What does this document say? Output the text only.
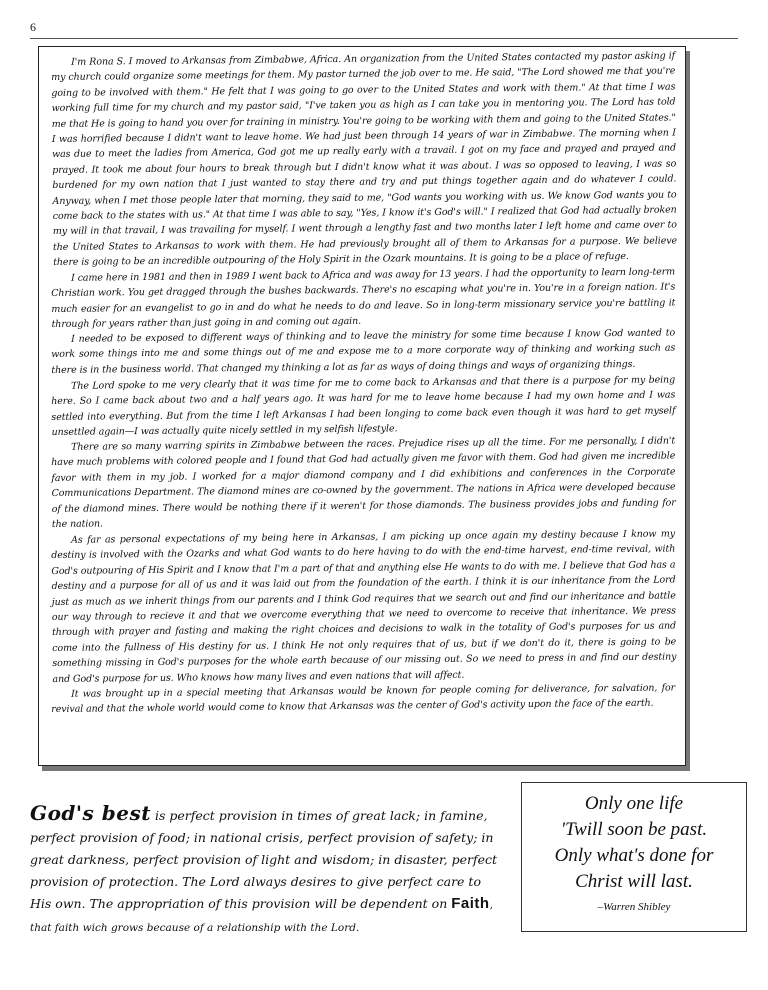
6

I'm Rona S. I moved to Arkansas from Zimbabwe, Africa. An organization from the United States contacted my pastor asking if my church could organize some meetings for them. My pastor turned the job over to me. He said, "The Lord showed me that you're going to be involved with them." He felt that I was going to go over to the United States and work with them." At that time I was working full time for my church and my pastor said, "I've taken you as high as I can take you in mentoring you. The Lord has told me that He is going to hand you over for training in ministry. You're going to be working with them and going to the United States." I was horrified because I didn't want to leave home. We had just been through 14 years of war in Zimbabwe. The morning when I was due to meet the ladies from America, God got me up really early with a travail. I got on my face and prayed and prayed and prayed. It took me about four hours to break through but I didn't know what it was about. I was so opposed to leaving, I was so burdened for my own nation that I just wanted to stay there and try and put things together again and do whatever I could. Anyway, when I met those people later that morning, they said to me, "God wants you working with us. We know God wants you to come back to the states with us." At that time I was able to say, "Yes, I know it's God's will." I realized that God had actually broken my will in that travail, I was travailing for myself. I went through a lengthy fast and two months later I left home and came over to the United States to Arkansas to work with them. He had previously brought all of them to Arkansas for a purpose. We believe there is going to be an incredible outpouring of the Holy Spirit in the Ozark mountains. It is going to be a place of refuge.

I came here in 1981 and then in 1989 I went back to Africa and was away for 13 years. I had the opportunity to learn long-term Christian work. You get dragged through the bushes backwards. There's no escaping what you're in. You're in a foreign nation. It's much easier for an evangelist to go in and do what he needs to do and leave. So in long-term missionary service you're battling it through for years rather than just going in and coming out again.

I needed to be exposed to different ways of thinking and to leave the ministry for some time because I know God wanted to work some things into me and some things out of me and expose me to a more corporate way of thinking and working such as there is in the business world. That changed my thinking a lot as far as ways of doing things and ways of organizing things.

The Lord spoke to me very clearly that it was time for me to come back to Arkansas and that there is a purpose for my being here. So I came back about two and a half years ago. It was hard for me to leave home because I had my own home and I was settled into everything. But from the time I left Arkansas I had been longing to come back even though it was hard to get myself unsettled again—I was actually quite nicely settled in my selfish lifestyle.

There are so many warring spirits in Zimbabwe between the races. Prejudice rises up all the time. For me personally, I didn't have much problems with colored people and I found that God had actually given me favor with them. God had given me incredible favor with them in my job. I worked for a major diamond company and I did exhibitions and conferences in the Corporate Communications Department. The diamond mines are co-owned by the government. The nations in Africa were developed because of the diamond mines. There would be nothing there if it weren't for those diamonds. The business provides jobs and funding for the nation.

As far as personal expectations of my being here in Arkansas, I am picking up once again my destiny because I know my destiny is involved with the Ozarks and what God wants to do here having to do with the end-time harvest, end-time revival, with God's outpouring of His Spirit and I know that I'm a part of that and anything else He wants to do with me. I believe that God has a destiny and a purpose for all of us and it was laid out from the foundation of the earth. I think it is our inheritance from the Lord just as much as we inherit things from our parents and I think God requires that we search out and find our inheritance and battle our way through to recieve it and that we overcome everything that we need to overcome to receive that inheritance. We press through with prayer and fasting and making the right choices and decisions to walk in the totality of God's purposes for us and come into the fullness of His destiny for us. I think He not only requires that of us, but if we don't do it, there is going to be something missing in God's purposes for the whole earth because of our missing out. So we need to press in and find our destiny and God's purpose for us. Who knows how many lives and even nations that will affect.

It was brought up in a special meeting that Arkansas would be known for people coming for deliverance, for salvation, for revival and that the whole world would come to know that Arkansas was the center of God's activity upon the face of the earth.

God's best is perfect provision in times of great lack; in famine, perfect provision of food; in national crisis, perfect provision of safety; in great darkness, perfect provision of light and wisdom; in disaster, perfect provision of protection. The Lord always desires to give perfect care to His own. The appropriation of this provision will be dependent on Faith, that faith wich grows because of a relationship with the Lord.
Only one life
'Twill soon be past.
Only what's done for
Christ will last.
–Warren Shibley
